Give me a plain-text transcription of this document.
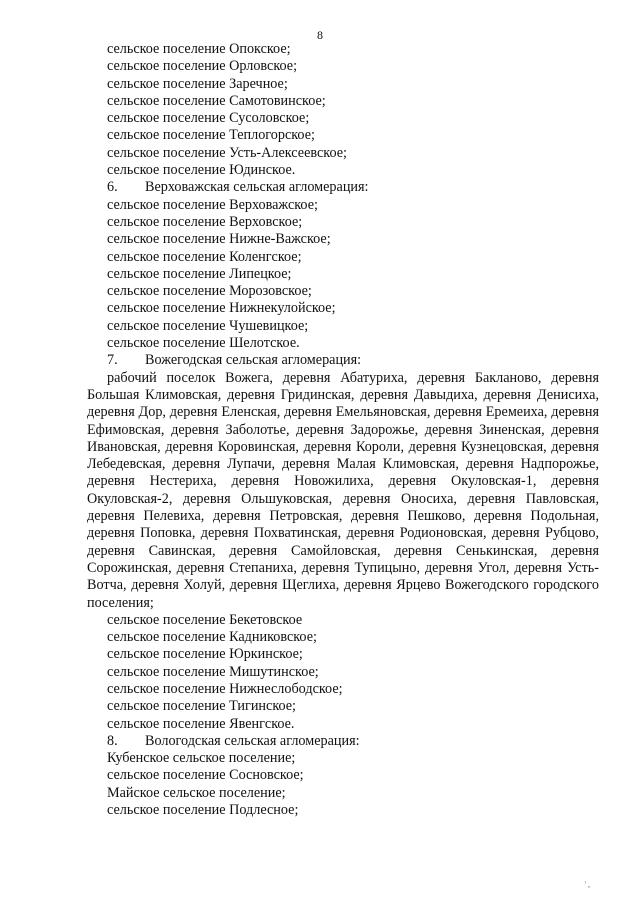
8
сельское поселение Опокское;
сельское поселение Орловское;
сельское поселение Заречное;
сельское поселение Самотовинское;
сельское поселение Сусоловское;
сельское поселение Теплогорское;
сельское поселение Усть-Алексеевское;
сельское поселение Юдинское.
6. Верховажская сельская агломерация:
сельское поселение Верховажское;
сельское поселение Верховское;
сельское поселение Нижне-Важское;
сельское поселение Коленгское;
сельское поселение Липецкое;
сельское поселение Морозовское;
сельское поселение Нижнекулойское;
сельское поселение Чушевицкое;
сельское поселение Шелотское.
7. Вожегодская сельская агломерация:

рабочий поселок Вожега, деревня Абатуриха, деревня Бакланово, деревня Большая Климовская, деревня Гридинская, деревня Давыдиха, деревня Денисиха, деревня Дор, деревня Еленская, деревня Емельяновская, деревня Еремеиха, деревня Ефимовская, деревня Заболотье, деревня Задорожье, деревня Зиненская, деревня Ивановская, деревня Коровинская, деревня Короли, деревня Кузнецовская, деревня Лебедевская, деревня Лупачи, деревня Малая Климовская, деревня Надпорожье, деревня Нестериха, деревня Новожилиха, деревня Окуловская-1, деревня Окуловская-2, деревня Ольшуковская, деревня Оносиха, деревня Павловская, деревня Пелевиха, деревня Петровская, деревня Пешково, деревня Подольная, деревня Поповка, деревня Похватинская, деревня Родионовская, деревня Рубцово, деревня Савинская, деревня Самойловская, деревня Сенькинская, деревня Сорожинская, деревня Степаниха, деревня Тупицыно, деревня Угол, деревня Усть-Вотча, деревня Холуй, деревня Щеглиха, деревня Ярцево Вожегодского городского поселения;

сельское поселение Бекетовское
сельское поселение Кадниковское;
сельское поселение Юркинское;
сельское поселение Мишутинское;
сельское поселение Нижнеслободское;
сельское поселение Тигинское;
сельское поселение Явенгское.
8. Вологодская сельская агломерация:
Кубенское сельское поселение;
сельское поселение Сосновское;
Майское сельское поселение;
сельское поселение Подлесное;
' ,
